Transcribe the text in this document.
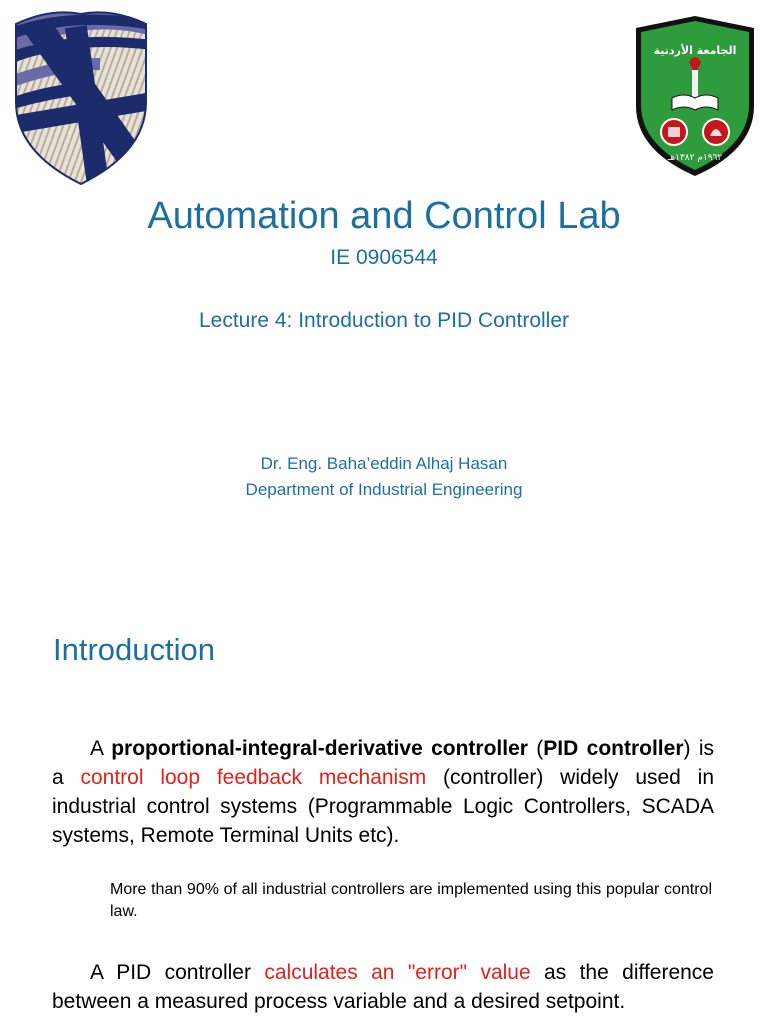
الجامعة الأردنية
١٩٦٢م ١٣٨٢هـ
Automation and Control Lab
IE 0906544
Lecture 4: Introduction to PID Controller
Dr. Eng. Baha’eddin Alhaj Hasan
Department of Industrial Engineering
Introduction
A proportional-integral-derivative controller (PID controller) is a control loop feedback mechanism (controller) widely used in industrial control systems (Programmable Logic Controllers, SCADA systems, Remote Terminal Units etc).
More than 90% of all industrial controllers are implemented using this popular control law.
A PID controller calculates an "error" value as the difference between a measured process variable and a desired setpoint.
